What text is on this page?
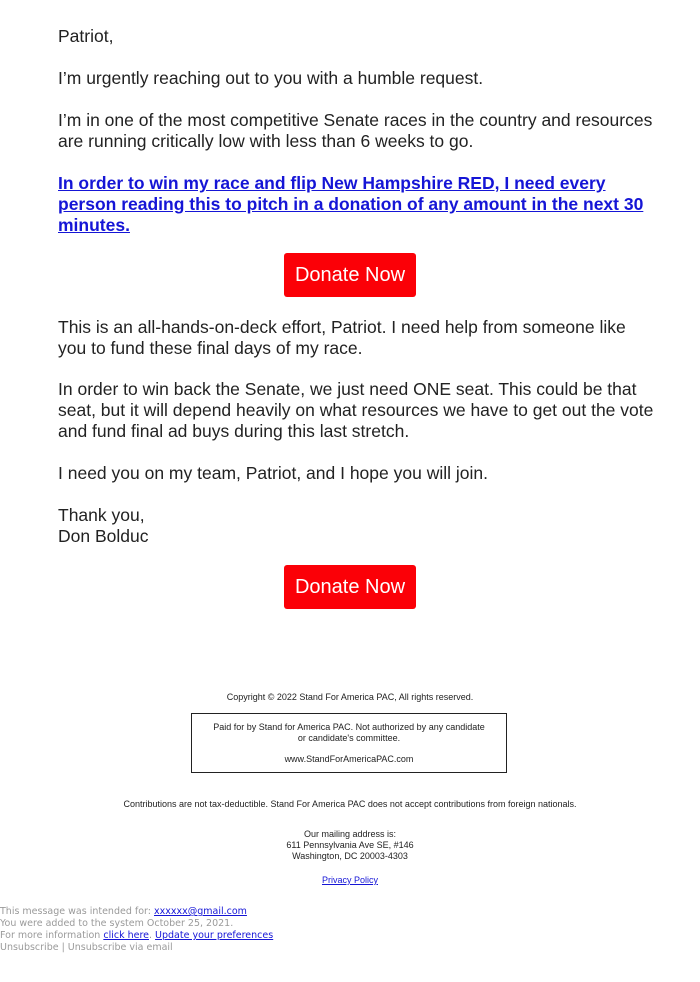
Patriot,

I’m urgently reaching out to you with a humble request.

I’m in one of the most competitive Senate races in the country and resources are running critically low with less than 6 weeks to go.

In order to win my race and flip New Hampshire RED, I need every person reading this to pitch in a donation of any amount in the next 30 minutes.
Donate Now

This is an all-hands-on-deck effort, Patriot. I need help from someone like you to fund these final days of my race.

In order to win back the Senate, we just need ONE seat. This could be that seat, but it will depend heavily on what resources we have to get out the vote and fund final ad buys during this last stretch.

I need you on my team, Patriot, and I hope you will join.

Thank you,

Don Bolduc

Donate Now
Copyright © 2022 Stand For America PAC, All rights reserved.
Paid for by Stand for America PAC. Not authorized by any candidate or candidate's committee.
www.StandForAmericaPAC.com
Contributions are not tax-deductible. Stand For America PAC does not accept contributions from foreign nationals.
Our mailing address is:
611 Pennsylvania Ave SE, #146
Washington, DC 20003-4303
Privacy Policy
This message was intended for: xxxxxx@gmail.com
You were added to the system October 25, 2021.
For more information click here. Update your preferences
Unsubscribe | Unsubscribe via email
